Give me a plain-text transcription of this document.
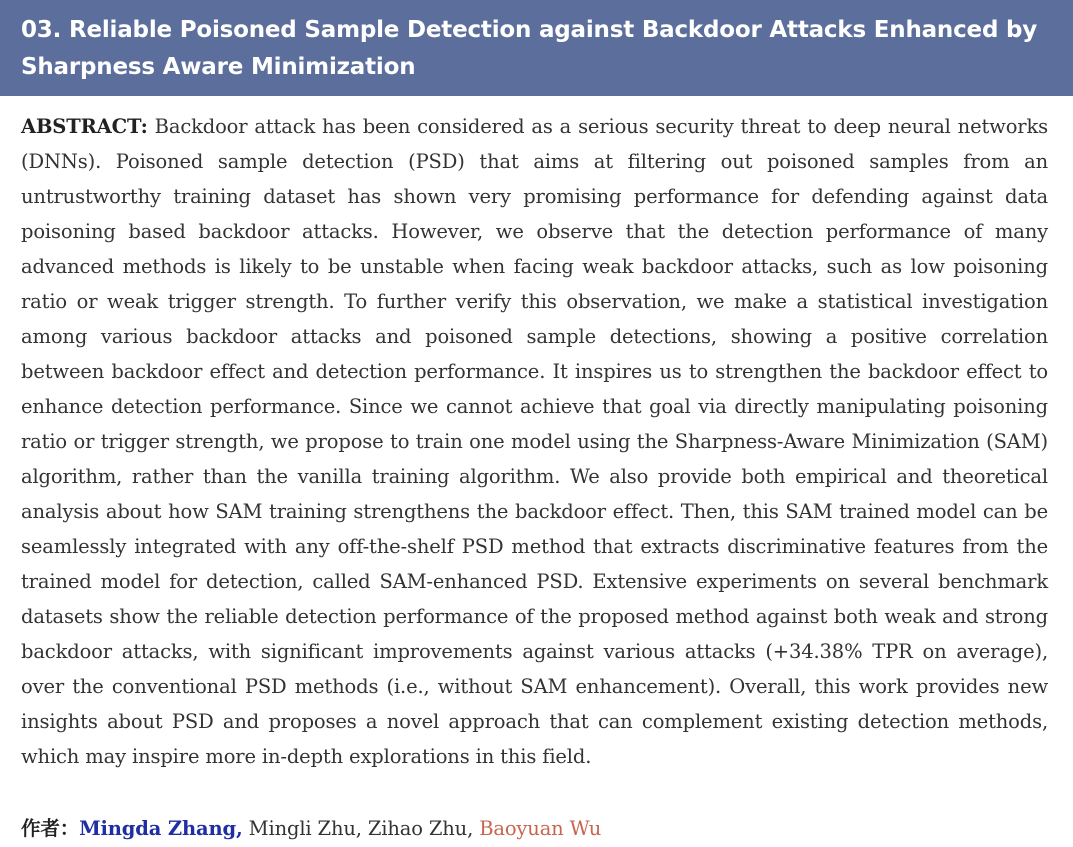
03. Reliable Poisoned Sample Detection against Backdoor Attacks Enhanced by Sharpness Aware Minimization

ABSTRACT: Backdoor attack has been considered as a serious security threat to deep neural networks (DNNs). Poisoned sample detection (PSD) that aims at filtering out poisoned samples from an untrustworthy training dataset has shown very promising performance for defending against data poisoning based backdoor attacks. However, we observe that the detection performance of many advanced methods is likely to be unstable when facing weak backdoor attacks, such as low poisoning ratio or weak trigger strength. To further verify this observation, we make a statistical investigation among various backdoor attacks and poisoned sample detections, showing a positive correlation between backdoor effect and detection performance. It inspires us to strengthen the backdoor effect to enhance detection performance. Since we cannot achieve that goal via directly manipulating poisoning ratio or trigger strength, we propose to train one model using the Sharpness-Aware Minimization (SAM) algorithm, rather than the vanilla training algorithm. We also provide both empirical and theoretical analysis about how SAM training strengthens the backdoor effect. Then, this SAM trained model can be seamlessly integrated with any off-the-shelf PSD method that extracts discriminative features from the trained model for detection, called SAM-enhanced PSD. Extensive experiments on several benchmark datasets show the reliable detection performance of the proposed method against both weak and strong backdoor attacks, with significant improvements against various attacks (+34.38% TPR on average), over the conventional PSD methods (i.e., without SAM enhancement). Overall, this work provides new insights about PSD and proposes a novel approach that can complement existing detection methods, which may inspire more in-depth explorations in this field.

作者：Mingda Zhang, Mingli Zhu, Zihao Zhu, Baoyuan Wu
